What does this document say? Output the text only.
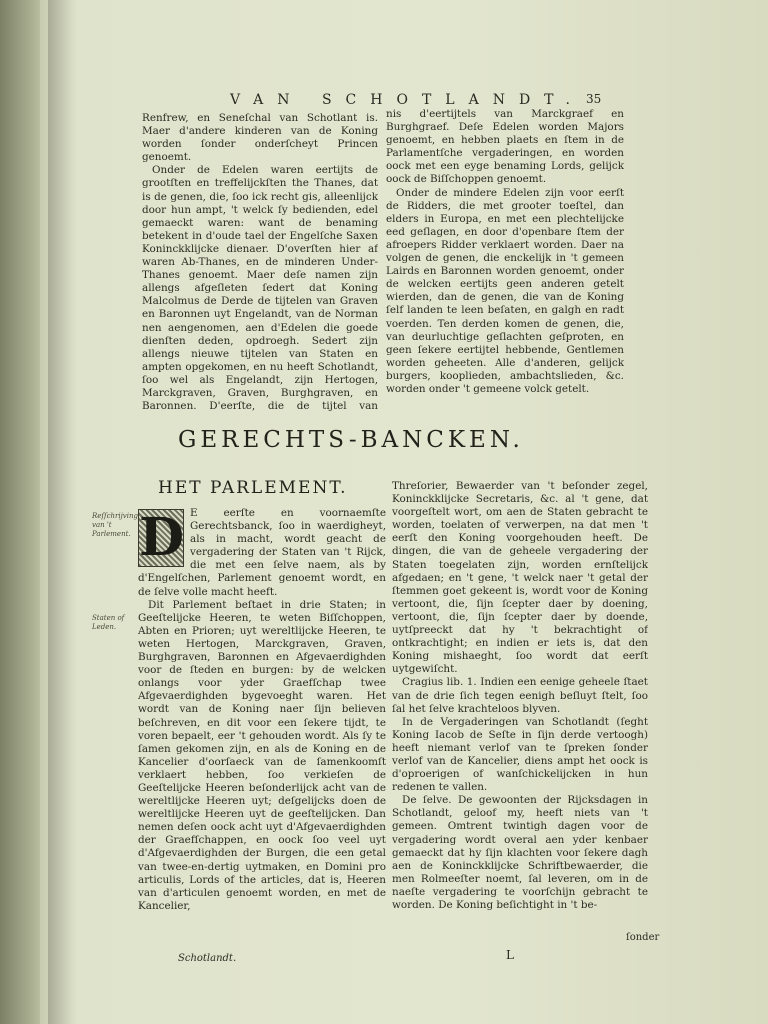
VAN SCHOTLANDT. 35

Renfrew, en Seneſchal van Schotlant is. Maer d'andere kinderen van de Koning worden ſonder onderſcheyt Princen genoemt.

Onder de Edelen waren eertijts de grootſten en treffelijckſten the Thanes, dat is de genen, die, ſoo ick recht gis, alleenlijck door hun ampt, 't welck ſy bedienden, edel gemaeckt waren: want de benaming betekent in d'oude tael der Engelſche Saxen Koninckklijcke dienaer. D'overſten hier af waren Ab-Thanes, en de minderen Under-Thanes genoemt. Maer deſe namen zijn allengs afgeſleten ſedert dat Koning Malcolmus de Derde de tijtelen van Graven en Baronnen uyt Engelandt, van de Norman nen aengenomen, aen d'Edelen die goede dienſten deden, opdroegh. Sedert zijn allengs nieuwe tijtelen van Staten en ampten opgekomen, en nu heeft Schotlandt, ſoo wel als Engelandt, zijn Hertogen, Marckgraven, Graven, Burghgraven, en Baronnen. D'eerſte, die de tijtel van

nis d'eertijtels van Marckgraef en Burghgraef. Deſe Edelen worden Majors genoemt, en hebben plaets en ſtem in de Parlamentſche vergaderingen, en worden oock met een eyge benaming Lords, gelijck oock de Biſſchoppen genoemt.

Onder de mindere Edelen zijn voor eerſt de Ridders, die met grooter toeſtel, dan elders in Europa, en met een plechtelijcke eed geſlagen, en door d'openbare ſtem der afroepers Ridder verklaert worden. Daer na volgen de genen, die enckelijk in 't gemeen Lairds en Baronnen worden genoemt, onder de welcken eertijts geen anderen getelt wierden, dan de genen, die van de Koning ſelf landen te leen beſaten, en galgh en radt voerden. Ten derden komen de genen, die, van deurluchtige geſlachten geſproten, en geen ſekere eertijtel hebbende, Gentlemen worden geheeten. Alle d'anderen, gelijck burgers, kooplieden, ambachtslieden, &c. worden onder 't gemeene volck getelt.

GERECHTS-BANCKEN.
HET PARLEMENT.
Reſſchrijving van 't Parlement.
Staten of Leden.
D E eerſte en voornaemſte Gerechtsbanck, ſoo in waerdigheyt, als in macht, wordt geacht de vergadering der Staten van 't Rijck, die met een ſelve naem, als by d'Engelſchen, Parlement genoemt wordt, en de ſelve volle macht heeft.

Dit Parlement beſtaet in drie Staten; in Geeſtelijcke Heeren, te weten Biſſchoppen, Abten en Prioren; uyt wereltlijcke Heeren, te weten Hertogen, Marckgraven, Graven, Burghgraven, Baronnen en Afgevaerdighden voor de ſteden en burgen: by de welcken onlangs voor yder Graefſchap twee Afgevaerdighden bygevoeght waren. Het wordt van de Koning naer ſijn believen beſchreven, en dit voor een ſekere tijdt, te voren bepaelt, eer 't gehouden wordt. Als ſy te ſamen gekomen zijn, en als de Koning en de Kancelier d'oorſaeck van de ſamenkoomſt verklaert hebben, ſoo verkieſen de Geeſtelijcke Heeren beſonderlijck acht van de wereltlijcke Heeren uyt; deſgelijcks doen de wereltlijcke Heeren uyt de geeſtelijcken. Dan nemen deſen oock acht uyt d'Afgevaerdighden der Graefſchappen, en oock ſoo veel uyt d'Afgevaerdighden der Burgen, die een getal van twee-en-dertig uytmaken, en Domini pro articulis, Lords of the articles, dat is, Heeren van d'articulen genoemt worden, en met de Kancelier,

Threſorier, Bewaerder van 't beſonder zegel, Koninckklijcke Secretaris, &c. al 't gene, dat voorgeſtelt wort, om aen de Staten gebracht te worden, toelaten of verwerpen, na dat men 't eerſt den Koning voorgehouden heeft. De dingen, die van de geheele vergadering der Staten toegelaten zijn, worden ernſtelijck afgedaen; en 't gene, 't welck naer 't getal der ſtemmen goet gekeent is, wordt voor de Koning vertoont, die, ſijn ſcepter daer by doening, vertoont, die, ſijn ſcepter daer by doende, uytſpreeckt dat hy 't bekrachtight of ontkrachtight; en indien er iets is, dat den Koning mishaeght, ſoo wordt dat eerſt uytgewiſcht.

Cragius lib. 1. Indien een eenige geheele ſtaet van de drie ſich tegen eenigh beſluyt ſtelt, ſoo ſal het ſelve krachteloos blyven.

In de Vergaderingen van Schotlandt (ſeght Koning Iacob de Seſte in ſijn derde vertoogh) heeft niemant verlof van te ſpreken ſonder verlof van de Kancelier, diens ampt het oock is d'oproerigen of wanſchickelijcken in hun redenen te vallen.

De ſelve. De gewoonten der Rijcksdagen in Schotlandt, geloof my, heeft niets van 't gemeen. Omtrent twintigh dagen voor de vergadering wordt overal aen yder kenbaer gemaeckt dat hy ſijn klachten voor ſekere dagh aen de Koninckklijcke Schriftbewaerder, die men Rolmeeſter noemt, ſal leveren, om in de naeſte vergadering te voorſchijn gebracht te worden. De Koning beſichtight in 't be-

Schotlandt.	L
ſonder
